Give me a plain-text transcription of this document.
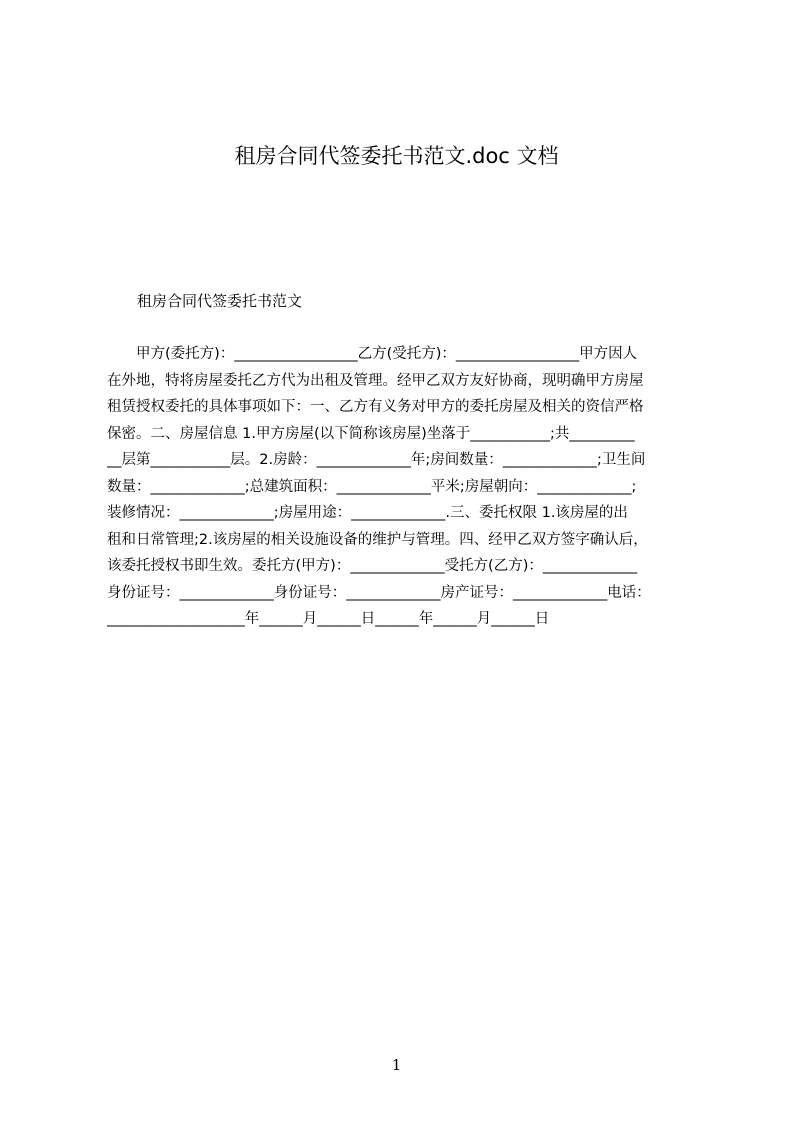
租房合同代签委托书范文.doc 文档
租房合同代签委托书范文
　　甲方(委托方)：_________________乙方(受托方)：_________________甲方因人
在外地，特将房屋委托乙方代为出租及管理。经甲乙双方友好协商，现明确甲方房屋
租赁授权委托的具体事项如下：一、乙方有义务对甲方的委托房屋及相关的资信严格
保密。二、房屋信息 1.甲方房屋(以下简称该房屋)坐落于___________;共_________
__层第___________层。2.房龄：_____________年;房间数量：_____________;卫生间
数量：_____________;总建筑面积：_____________平米;房屋朝向：_____________;
装修情况：_____________;房屋用途：_____________.三、委托权限 1.该房屋的出
租和日常管理;2.该房屋的相关设施设备的维护与管理。四、经甲乙双方签字确认后，
该委托授权书即生效。委托方(甲方)：_____________受托方(乙方)：_____________
身份证号：_____________身份证号：_____________房产证号：_____________电话：
___________________年______月______日______年______月______日
1
